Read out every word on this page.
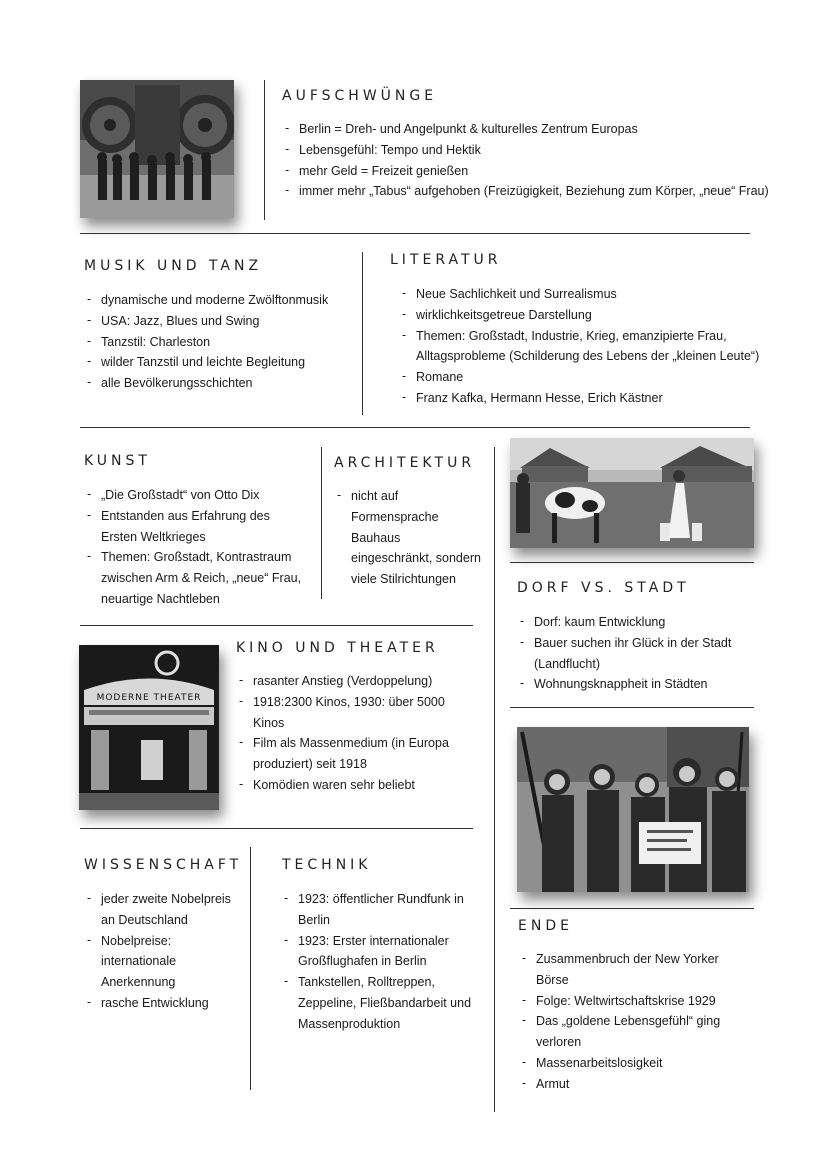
AUFSCHWÜNGE
- Berlin = Dreh- und Angelpunkt & kulturelles Zentrum Europas
- Lebensgefühl: Tempo und Hektik
- mehr Geld = Freizeit genießen
- immer mehr „Tabus“ aufgehoben (Freizügigkeit, Beziehung zum Körper, „neue“ Frau)
MUSIK UND TANZ
- dynamische und moderne Zwölftonmusik
- USA: Jazz, Blues und Swing
- Tanzstil: Charleston
- wilder Tanzstil und leichte Begleitung
- alle Bevölkerungsschichten
LITERATUR
- Neue Sachlichkeit und Surrealismus
- wirklichkeitsgetreue Darstellung
- Themen: Großstadt, Industrie, Krieg, emanzipierte Frau, Alltagsprobleme (Schilderung des Lebens der „kleinen Leute“)
- Romane
- Franz Kafka, Hermann Hesse, Erich Kästner
KUNST
- „Die Großstadt“ von Otto Dix
- Entstanden aus Erfahrung des Ersten Weltkrieges
- Themen: Großstadt, Kontrastraum zwischen Arm & Reich, „neue“ Frau, neuartige Nachtleben
ARCHITEKTUR
- nicht auf Formensprache Bauhaus eingeschränkt, sondern viele Stilrichtungen
DORF VS. STADT
- Dorf: kaum Entwicklung
- Bauer suchen ihr Glück in der Stadt (Landflucht)
- Wohnungsknappheit in Städten
MODERNE THEATER
KINO UND THEATER
- rasanter Anstieg (Verdoppelung)
- 1918:2300 Kinos, 1930: über 5000 Kinos
- Film als Massenmedium (in Europa produziert) seit 1918
- Komödien waren sehr beliebt
WISSENSCHAFT
- jeder zweite Nobelpreis an Deutschland
- Nobelpreise: internationale Anerkennung
- rasche Entwicklung
TECHNIK
- 1923: öffentlicher Rundfunk in Berlin
- 1923: Erster internationaler Großflughafen in Berlin
- Tankstellen, Rolltreppen, Zeppeline, Fließbandarbeit und Massenproduktion
ENDE
- Zusammenbruch der New Yorker Börse
- Folge: Weltwirtschaftskrise 1929
- Das „goldene Lebensgefühl“ ging verloren
- Massenarbeitslosigkeit
- Armut
